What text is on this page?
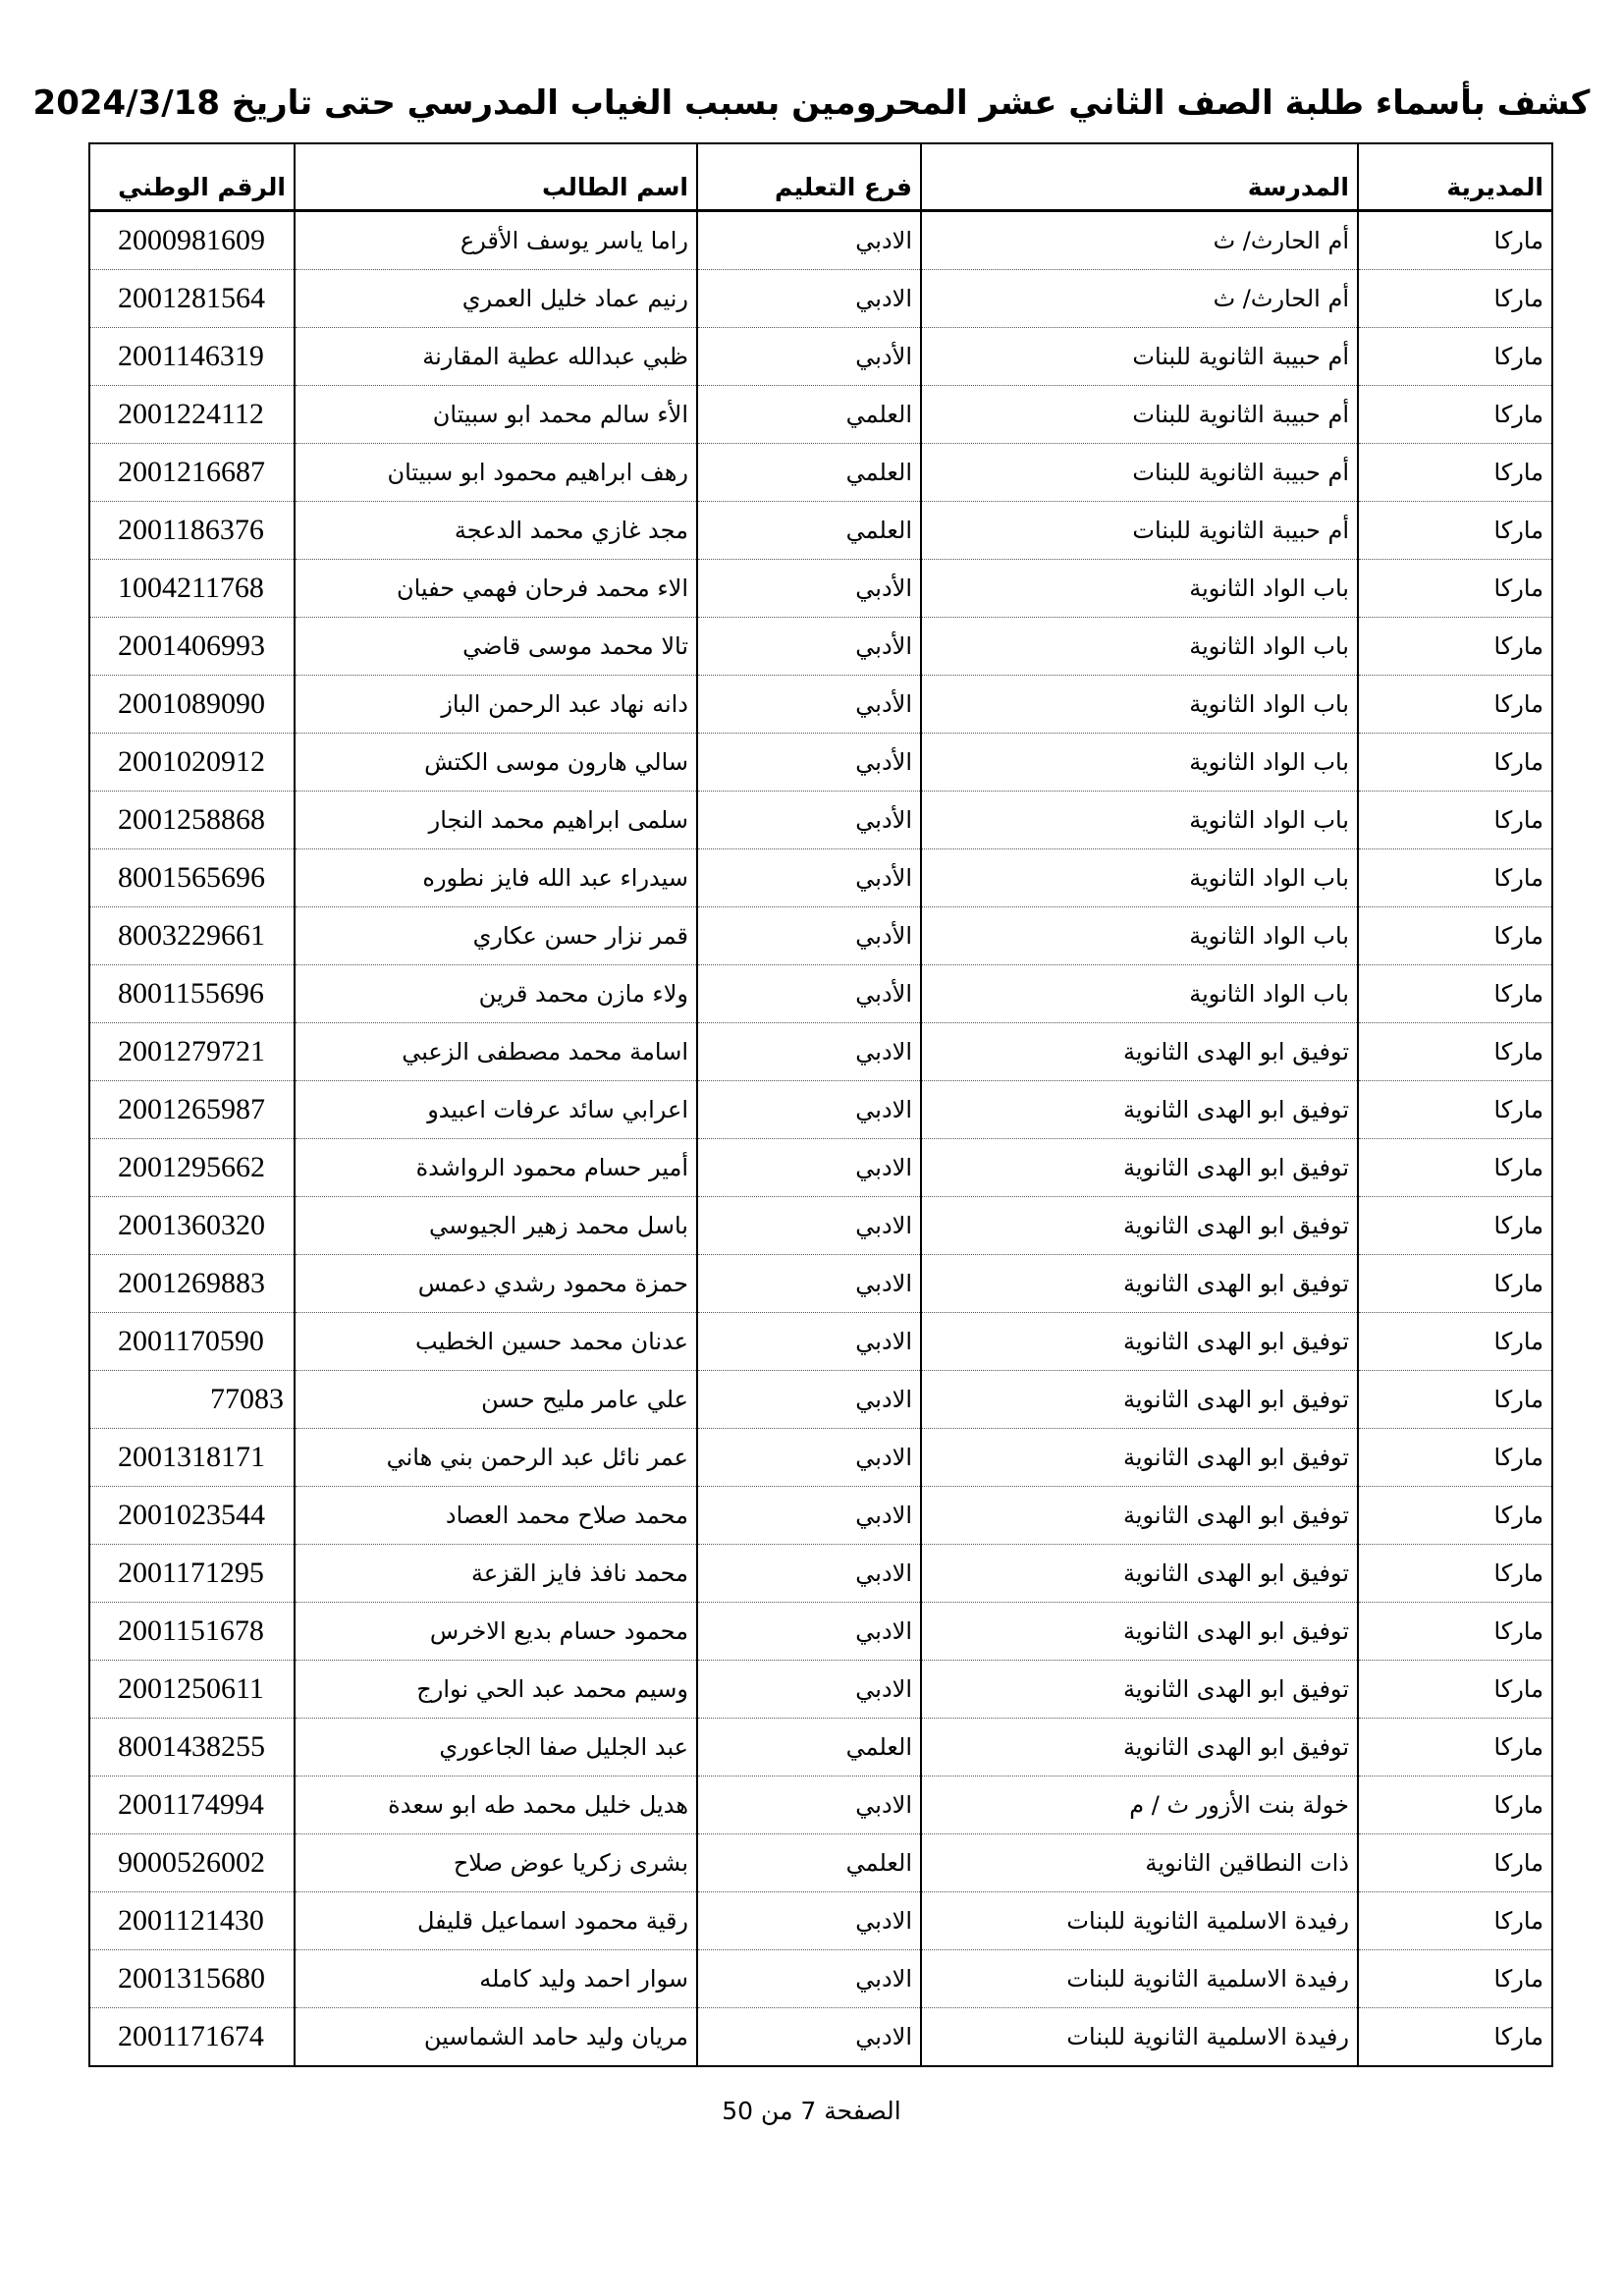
كشف بأسماء طلبة الصف الثاني عشر المحرومين بسبب الغياب المدرسي حتى تاريخ 2024/3/18
المديرية	المدرسة	فرع التعليم	اسم الطالب	الرقم الوطني
ماركا	أم الحارث/ ث	الادبي	راما ياسر يوسف الأقرع	2000981609
ماركا	أم الحارث/ ث	الادبي	رنيم عماد خليل العمري	2001281564
ماركا	أم حبيبة الثانوية للبنات	الأدبي	ظبي عبدالله عطية المقارنة	2001146319
ماركا	أم حبيبة الثانوية للبنات	العلمي	الأء سالم محمد ابو سبيتان	2001224112
ماركا	أم حبيبة الثانوية للبنات	العلمي	رهف ابراهيم محمود ابو سبيتان	2001216687
ماركا	أم حبيبة الثانوية للبنات	العلمي	مجد غازي محمد الدعجة	2001186376
ماركا	باب الواد الثانوية	الأدبي	الاء محمد فرحان فهمي حفيان	1004211768
ماركا	باب الواد الثانوية	الأدبي	تالا محمد موسى قاضي	2001406993
ماركا	باب الواد الثانوية	الأدبي	دانه نهاد عبد الرحمن الباز	2001089090
ماركا	باب الواد الثانوية	الأدبي	سالي هارون موسى الكتش	2001020912
ماركا	باب الواد الثانوية	الأدبي	سلمى ابراهيم محمد النجار	2001258868
ماركا	باب الواد الثانوية	الأدبي	سيدراء عبد الله فايز نطوره	8001565696
ماركا	باب الواد الثانوية	الأدبي	قمر نزار حسن عكاري	8003229661
ماركا	باب الواد الثانوية	الأدبي	ولاء مازن محمد قرين	8001155696
ماركا	توفيق ابو الهدى الثانوية	الادبي	اسامة محمد مصطفى الزعبي	2001279721
ماركا	توفيق ابو الهدى الثانوية	الادبي	اعرابي سائد عرفات اعبيدو	2001265987
ماركا	توفيق ابو الهدى الثانوية	الادبي	أمير حسام محمود الرواشدة	2001295662
ماركا	توفيق ابو الهدى الثانوية	الادبي	باسل محمد زهير الجيوسي	2001360320
ماركا	توفيق ابو الهدى الثانوية	الادبي	حمزة محمود رشدي دعمس	2001269883
ماركا	توفيق ابو الهدى الثانوية	الادبي	عدنان محمد حسين الخطيب	2001170590
ماركا	توفيق ابو الهدى الثانوية	الادبي	علي عامر مليح حسن	77083
ماركا	توفيق ابو الهدى الثانوية	الادبي	عمر نائل عبد الرحمن بني هاني	2001318171
ماركا	توفيق ابو الهدى الثانوية	الادبي	محمد صلاح محمد العصاد	2001023544
ماركا	توفيق ابو الهدى الثانوية	الادبي	محمد نافذ فايز القزعة	2001171295
ماركا	توفيق ابو الهدى الثانوية	الادبي	محمود حسام بديع الاخرس	2001151678
ماركا	توفيق ابو الهدى الثانوية	الادبي	وسيم محمد عبد الحي نوارج	2001250611
ماركا	توفيق ابو الهدى الثانوية	العلمي	عبد الجليل صفا الجاعوري	8001438255
ماركا	خولة بنت الأزور ث / م	الادبي	هديل خليل محمد طه ابو سعدة	2001174994
ماركا	ذات النطاقين الثانوية	العلمي	بشرى زكريا عوض صلاح	9000526002
ماركا	رفيدة الاسلمية الثانوية للبنات	الادبي	رقية محمود اسماعيل قليفل	2001121430
ماركا	رفيدة الاسلمية الثانوية للبنات	الادبي	سوار احمد وليد كامله	2001315680
ماركا	رفيدة الاسلمية الثانوية للبنات	الادبي	مريان وليد حامد الشماسين	2001171674
الصفحة 7 من 50
